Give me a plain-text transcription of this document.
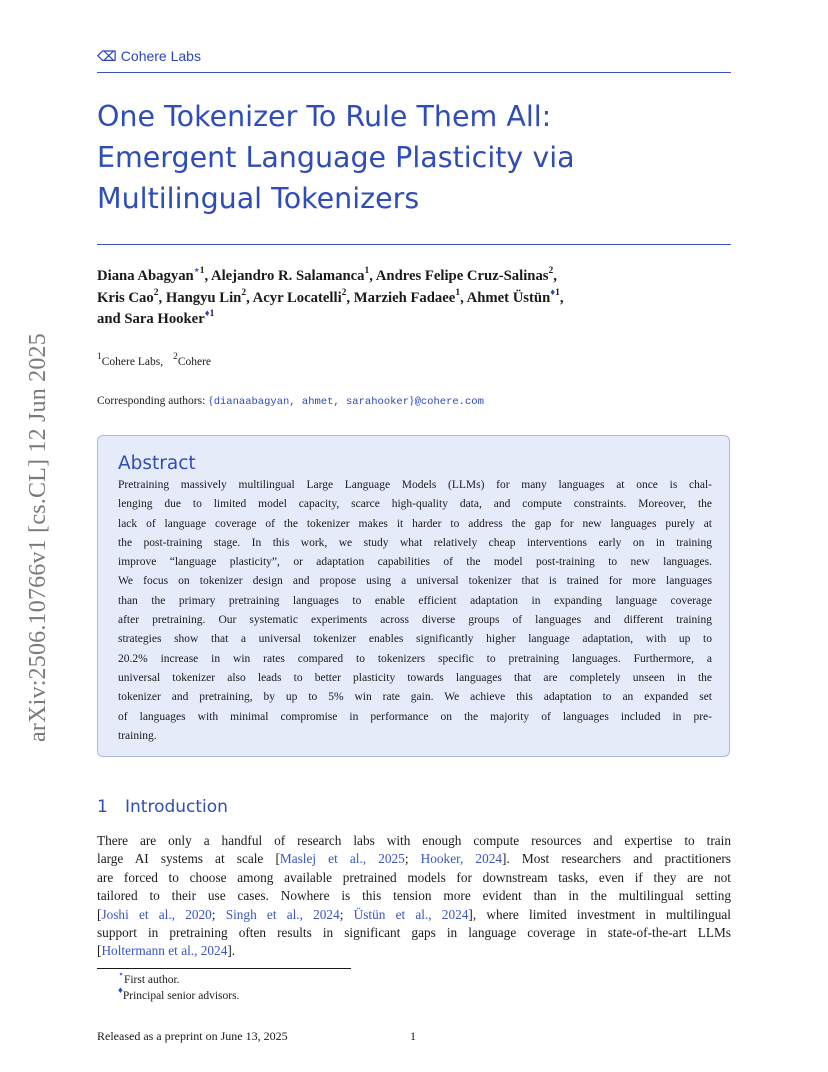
arXiv:2506.10766v1 [cs.CL] 12 Jun 2025
⌫ Cohere Labs
One Tokenizer To Rule Them All:
Emergent Language Plasticity via
Multilingual Tokenizers
Diana Abagyan$^{⋆1}$, Alejandro R. Salamanca$^1$, Andres Felipe Cruz-Salinas$^2$,
Kris Cao$^2$, Hangyu Lin$^2$, Acyr Locatelli$^2$, Marzieh Fadaee$^1$, Ahmet Üstün$^{♦1}$,
and Sara Hooker$^{♦1}$
$^1$Cohere Labs, $^2$Cohere
Corresponding authors: {dianaabagyan, ahmet, sarahooker}@cohere.com
Abstract
Pretraining massively multilingual Large Language Models (LLMs) for many languages at once is chal-
lenging due to limited model capacity, scarce high-quality data, and compute constraints. Moreover, the
lack of language coverage of the tokenizer makes it harder to address the gap for new languages purely at
the post-training stage. In this work, we study what relatively cheap interventions early on in training
improve “language plasticity”, or adaptation capabilities of the model post-training to new languages.
We focus on tokenizer design and propose using a universal tokenizer that is trained for more languages
than the primary pretraining languages to enable efficient adaptation in expanding language coverage
after pretraining. Our systematic experiments across diverse groups of languages and different training
strategies show that a universal tokenizer enables significantly higher language adaptation, with up to
20.2% increase in win rates compared to tokenizers specific to pretraining languages. Furthermore, a
universal tokenizer also leads to better plasticity towards languages that are completely unseen in the
tokenizer and pretraining, by up to 5% win rate gain. We achieve this adaptation to an expanded set
of languages with minimal compromise in performance on the majority of languages included in pre-
training.
1 Introduction
There are only a handful of research labs with enough compute resources and expertise to train
large AI systems at scale [Maslej et al., 2025; Hooker, 2024]. Most researchers and practitioners
are forced to choose among available pretrained models for downstream tasks, even if they are not
tailored to their use cases. Nowhere is this tension more evident than in the multilingual setting
[Joshi et al., 2020; Singh et al., 2024; Üstün et al., 2024], where limited investment in multilingual
support in pretraining often results in significant gaps in language coverage in state-of-the-art LLMs
[Holtermann et al., 2024].
⋆First author.
♦Principal senior advisors.
Released as a preprint on June 13, 2025	1
